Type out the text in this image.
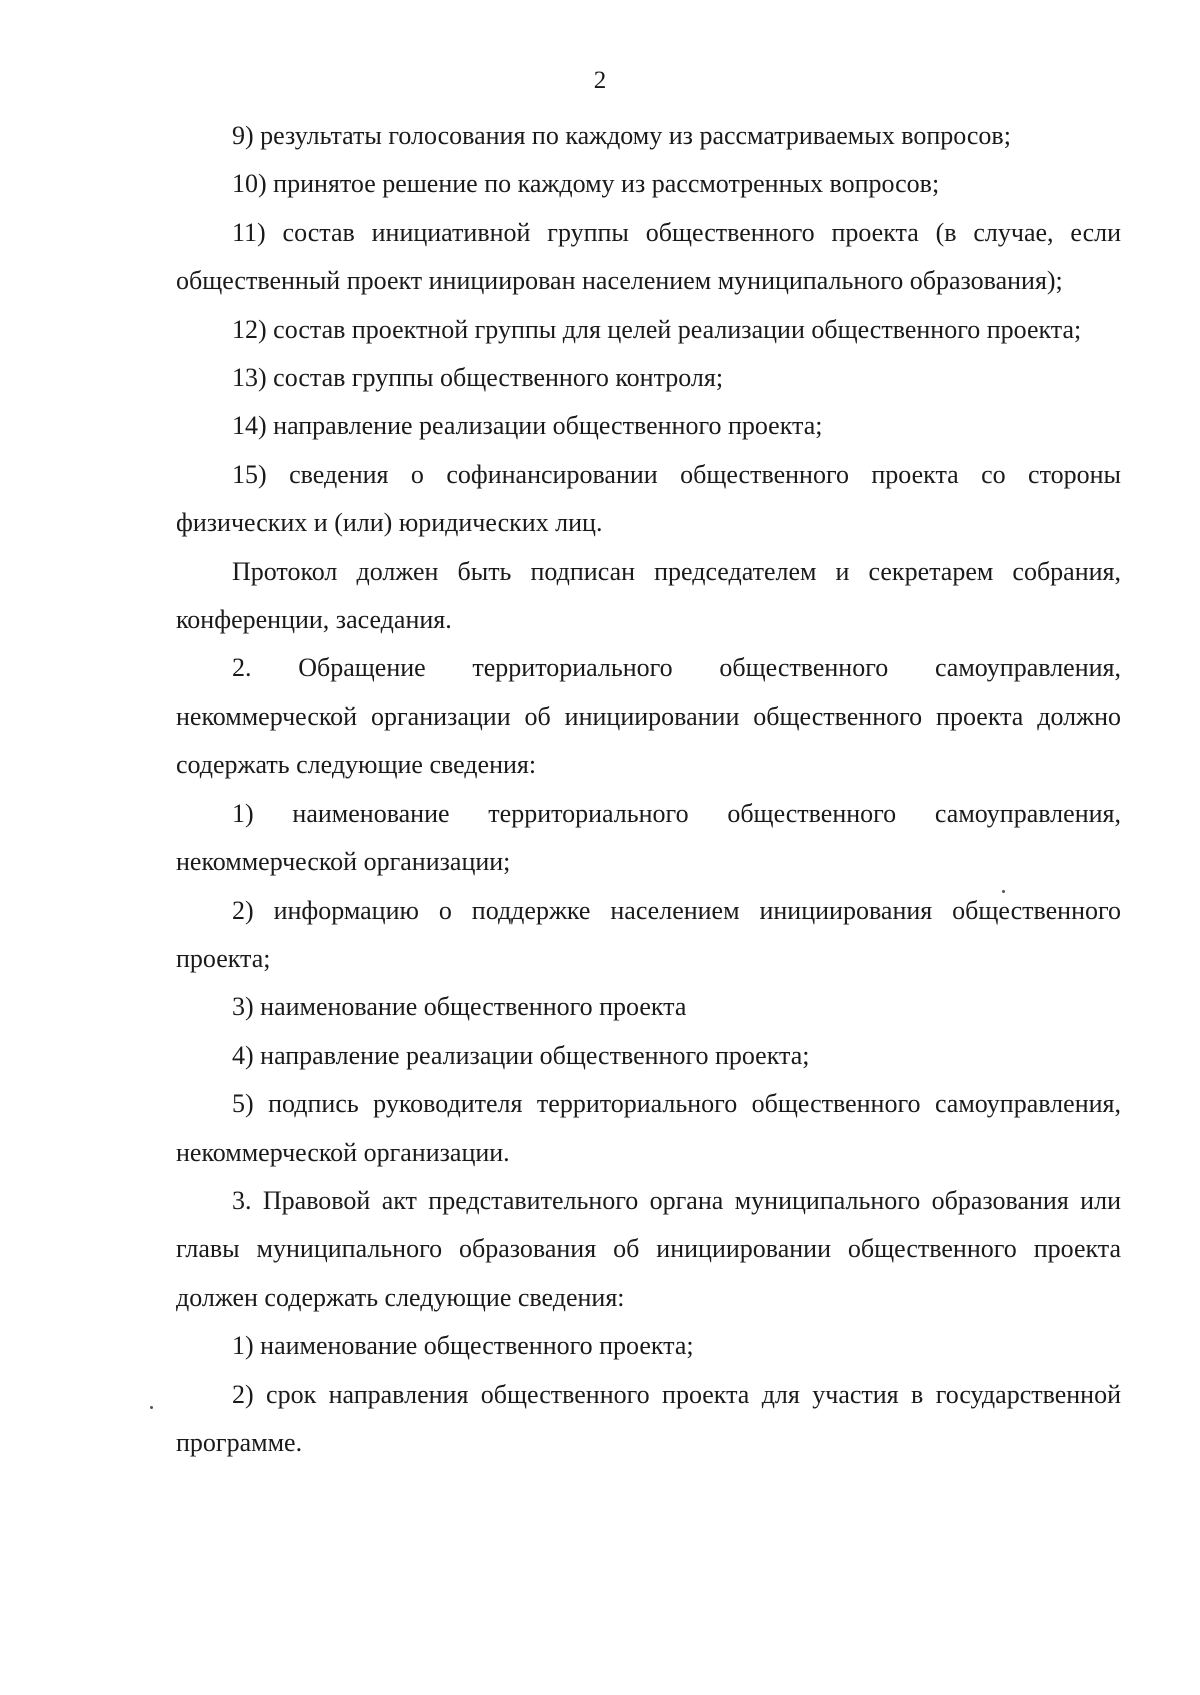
2

9) результаты голосования по каждому из рассматриваемых вопросов;

10) принятое решение по каждому из рассмотренных вопросов;

11) состав инициативной группы общественного проекта (в случае, если общественный проект инициирован населением муниципального образования);

12) состав проектной группы для целей реализации общественного проекта;

13) состав группы общественного контроля;

14) направление реализации общественного проекта;

15) сведения о софинансировании общественного проекта со стороны физических и (или) юридических лиц.

Протокол должен быть подписан председателем и секретарем собрания, конференции, заседания.

2. Обращение территориального общественного самоуправления, некоммерческой организации об инициировании общественного проекта должно содержать следующие сведения:

1) наименование территориального общественного самоуправления, некоммерческой организации;

2) информацию о поддержке населением инициирования общественного проекта;

3) наименование общественного проекта

4) направление реализации общественного проекта;

5) подпись руководителя территориального общественного самоуправления, некоммерческой организации.

3. Правовой акт представительного органа муниципального образования или главы муниципального образования об инициировании общественного проекта должен содержать следующие сведения:

1) наименование общественного проекта;

2) срок направления общественного проекта для участия в государственной программе.
